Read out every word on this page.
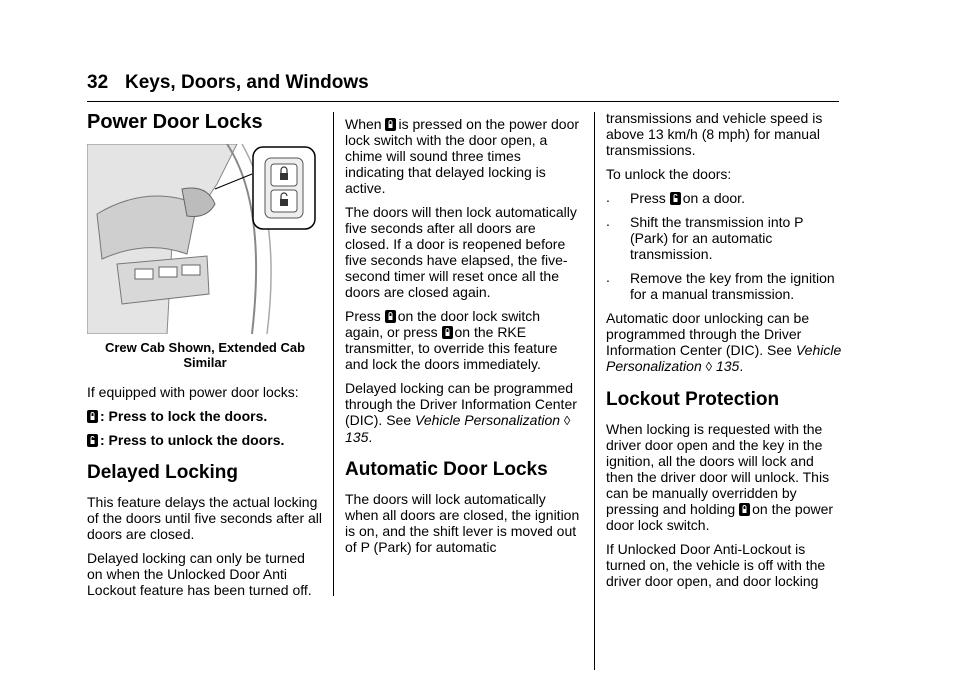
32 Keys, Doors, and Windows
Power Door Locks
Crew Cab Shown, Extended Cab Similar

If equipped with power door locks:

: Press to lock the doors.

: Press to unlock the doors.

Delayed Locking

This feature delays the actual locking of the doors until five seconds after all doors are closed.

Delayed locking can only be turned on when the Unlocked Door Anti Lockout feature has been turned off.

When is pressed on the power door lock switch with the door open, a chime will sound three times indicating that delayed locking is active.

The doors will then lock automatically five seconds after all doors are closed. If a door is reopened before five seconds have elapsed, the five-second timer will reset once all the doors are closed again.

Press on the door lock switch again, or press on the RKE transmitter, to override this feature and lock the doors immediately.

Delayed locking can be programmed through the Driver Information Center (DIC). See Vehicle Personalization ◊ 135.

Automatic Door Locks

The doors will lock automatically when all doors are closed, the ignition is on, and the shift lever is moved out of P (Park) for automatic

transmissions and vehicle speed is above 13 km/h (8 mph) for manual transmissions.

To unlock the doors:

. Press on a door.
. Shift the transmission into P (Park) for an automatic transmission.
. Remove the key from the ignition for a manual transmission.

Automatic door unlocking can be programmed through the Driver Information Center (DIC). See Vehicle Personalization ◊ 135.

Lockout Protection

When locking is requested with the driver door open and the key in the ignition, all the doors will lock and then the driver door will unlock. This can be manually overridden by pressing and holding on the power door lock switch.

If Unlocked Door Anti-Lockout is turned on, the vehicle is off with the driver door open, and door locking
